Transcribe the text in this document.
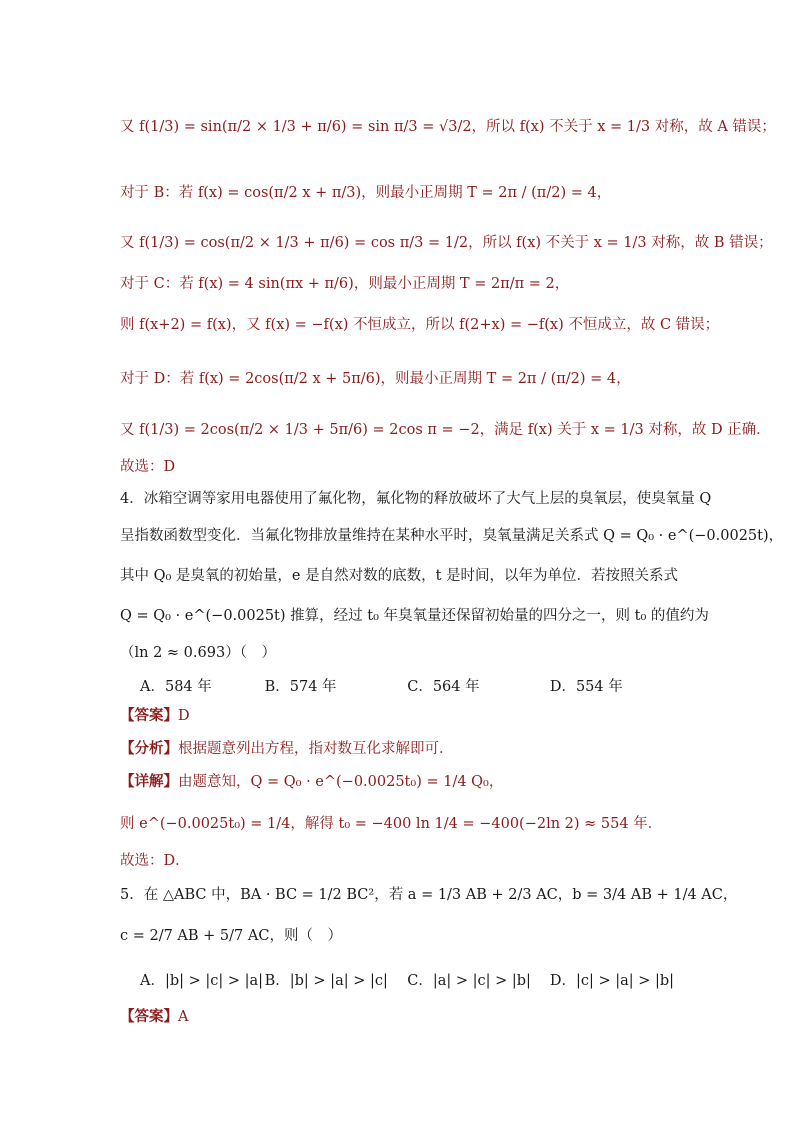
又 f(1/3) = sin(π/2 × 1/3 + π/6) = sin π/3 = √3/2，所以 f(x) 不关于 x = 1/3 对称，故 A 错误；
对于 B：若 f(x) = cos(π/2 x + π/3)，则最小正周期 T = 2π / (π/2) = 4，
又 f(1/3) = cos(π/2 × 1/3 + π/6) = cos π/3 = 1/2，所以 f(x) 不关于 x = 1/3 对称，故 B 错误；
对于 C：若 f(x) = 4 sin(πx + π/6)，则最小正周期 T = 2π/π = 2，
则 f(x+2) = f(x)，又 f(x) = −f(x) 不恒成立，所以 f(2+x) = −f(x) 不恒成立，故 C 错误；
对于 D：若 f(x) = 2cos(π/2 x + 5π/6)，则最小正周期 T = 2π / (π/2) = 4，
又 f(1/3) = 2cos(π/2 × 1/3 + 5π/6) = 2cos π = −2，满足 f(x) 关于 x = 1/3 对称，故 D 正确．
故选：D
4．冰箱空调等家用电器使用了氟化物，氟化物的释放破坏了大气上层的臭氧层，使臭氧量 Q
呈指数函数型变化．当氟化物排放量维持在某种水平时，臭氧量满足关系式 Q = Q₀ · e^(−0.0025t)，
其中 Q₀ 是臭氧的初始量，e 是自然对数的底数，t 是时间，以年为单位．若按照关系式
Q = Q₀ · e^(−0.0025t) 推算，经过 t₀ 年臭氧量还保留初始量的四分之一，则 t₀ 的值约为
（ln 2 ≈ 0.693）（　）
A．584 年	B．574 年	C．564 年	D．554 年
【答案】D
【分析】根据题意列出方程，指对数互化求解即可．
【详解】由题意知，Q = Q₀ · e^(−0.0025t₀) = 1/4 Q₀，
则 e^(−0.0025t₀) = 1/4，解得 t₀ = −400 ln 1/4 = −400(−2ln 2) ≈ 554 年．
故选：D．
5．在 △ABC 中，BA · BC = 1/2 BC²，若 a = 1/3 AB + 2/3 AC，b = 3/4 AB + 1/4 AC，
c = 2/7 AB + 5/7 AC，则（　）
A．|b| > |c| > |a| B．|b| > |a| > |c| C．|a| > |c| > |b| D．|c| > |a| > |b|
【答案】A
